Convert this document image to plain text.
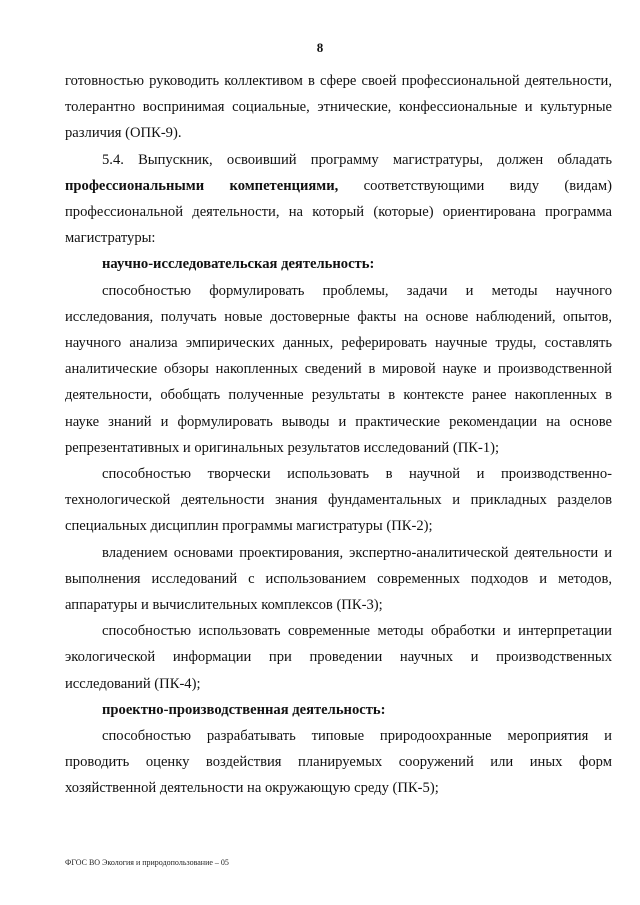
8

готовностью руководить коллективом в сфере своей профессиональной деятельности, толерантно воспринимая социальные, этнические, конфессиональные и культурные различия (ОПК-9).

5.4. Выпускник, освоивший программу магистратуры, должен обладать профессиональными компетенциями, соответствующими виду (видам) профессиональной деятельности, на который (которые) ориентирована программа магистратуры:

научно-исследовательская деятельность:

способностью формулировать проблемы, задачи и методы научного исследования, получать новые достоверные факты на основе наблюдений, опытов, научного анализа эмпирических данных, реферировать научные труды, составлять аналитические обзоры накопленных сведений в мировой науке и производственной деятельности, обобщать полученные результаты в контексте ранее накопленных в науке знаний и формулировать выводы и практические рекомендации на основе репрезентативных и оригинальных результатов исследований (ПК-1);

способностью творчески использовать в научной и производственно-технологической деятельности знания фундаментальных и прикладных разделов специальных дисциплин программы магистратуры (ПК-2);

владением основами проектирования, экспертно-аналитической деятельности и выполнения исследований с использованием современных подходов и методов, аппаратуры и вычислительных комплексов (ПК-3);

способностью использовать современные методы обработки и интерпретации экологической информации при проведении научных и производственных исследований (ПК-4);

проектно-производственная деятельность:

способностью разрабатывать типовые природоохранные мероприятия и проводить оценку воздействия планируемых сооружений или иных форм хозяйственной деятельности на окружающую среду (ПК-5);

ФГОС ВО Экология и природопользование – 05
